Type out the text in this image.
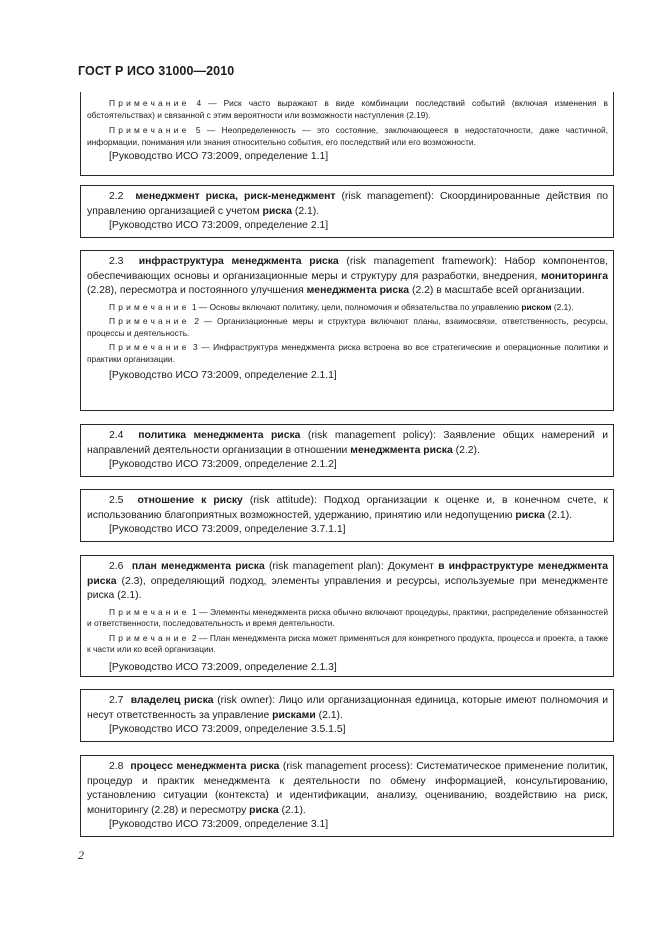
ГОСТ Р ИСО 31000—2010

Примечание 4 — Риск часто выражают в виде комбинации последствий событий (включая изменения в обстоятельствах) и связанной с этим вероятности или возможности наступления (2.19).

Примечание 5 — Неопределенность — это состояние, заключающееся в недостаточности, даже частичной, информации, понимания или знания относительно события, его последствий или его возможности.

[Руководство ИСО 73:2009, определение 1.1]

2.2 менеджмент риска, риск-менеджмент (risk management): Скоординированные действия по управлению организацией с учетом риска (2.1).

[Руководство ИСО 73:2009, определение 2.1]

2.3 инфраструктура менеджмента риска (risk management framework): Набор компонентов, обеспечивающих основы и организационные меры и структуру для разработки, внедрения, мониторинга (2.28), пересмотра и постоянного улучшения менеджмента риска (2.2) в масштабе всей организации.

Примечание 1 — Основы включают политику, цели, полномочия и обязательства по управлению риском (2.1).

Примечание 2 — Организационные меры и структура включают планы, взаимосвязи, ответственность, ресурсы, процессы и деятельность.

Примечание 3 — Инфраструктура менеджмента риска встроена во все стратегические и операционные политики и практики организации.

[Руководство ИСО 73:2009, определение 2.1.1]

2.4 политика менеджмента риска (risk management policy): Заявление общих намерений и направлений деятельности организации в отношении менеджмента риска (2.2).

[Руководство ИСО 73:2009, определение 2.1.2]

2.5 отношение к риску (risk attitude): Подход организации к оценке и, в конечном счете, к использованию благоприятных возможностей, удержанию, принятию или недопущению риска (2.1).

[Руководство ИСО 73:2009, определение 3.7.1.1]

2.6 план менеджмента риска (risk management plan): Документ в инфраструктуре менеджмента риска (2.3), определяющий подход, элементы управления и ресурсы, используемые при менеджменте риска (2.1).

Примечание 1 — Элементы менеджмента риска обычно включают процедуры, практики, распределение обязанностей и ответственности, последовательность и время деятельности.

Примечание 2 — План менеджмента риска может применяться для конкретного продукта, процесса и проекта, а также к части или ко всей организации.

[Руководство ИСО 73:2009, определение 2.1.3]

2.7 владелец риска (risk owner): Лицо или организационная единица, которые имеют полномочия и несут ответственность за управление рисками (2.1).

[Руководство ИСО 73:2009, определение 3.5.1.5]

2.8 процесс менеджмента риска (risk management process): Систематическое применение политик, процедур и практик менеджмента к деятельности по обмену информацией, консультированию, установлению ситуации (контекста) и идентификации, анализу, оцениванию, воздействию на риск, мониторингу (2.28) и пересмотру риска (2.1).

[Руководство ИСО 73:2009, определение 3.1]

2
